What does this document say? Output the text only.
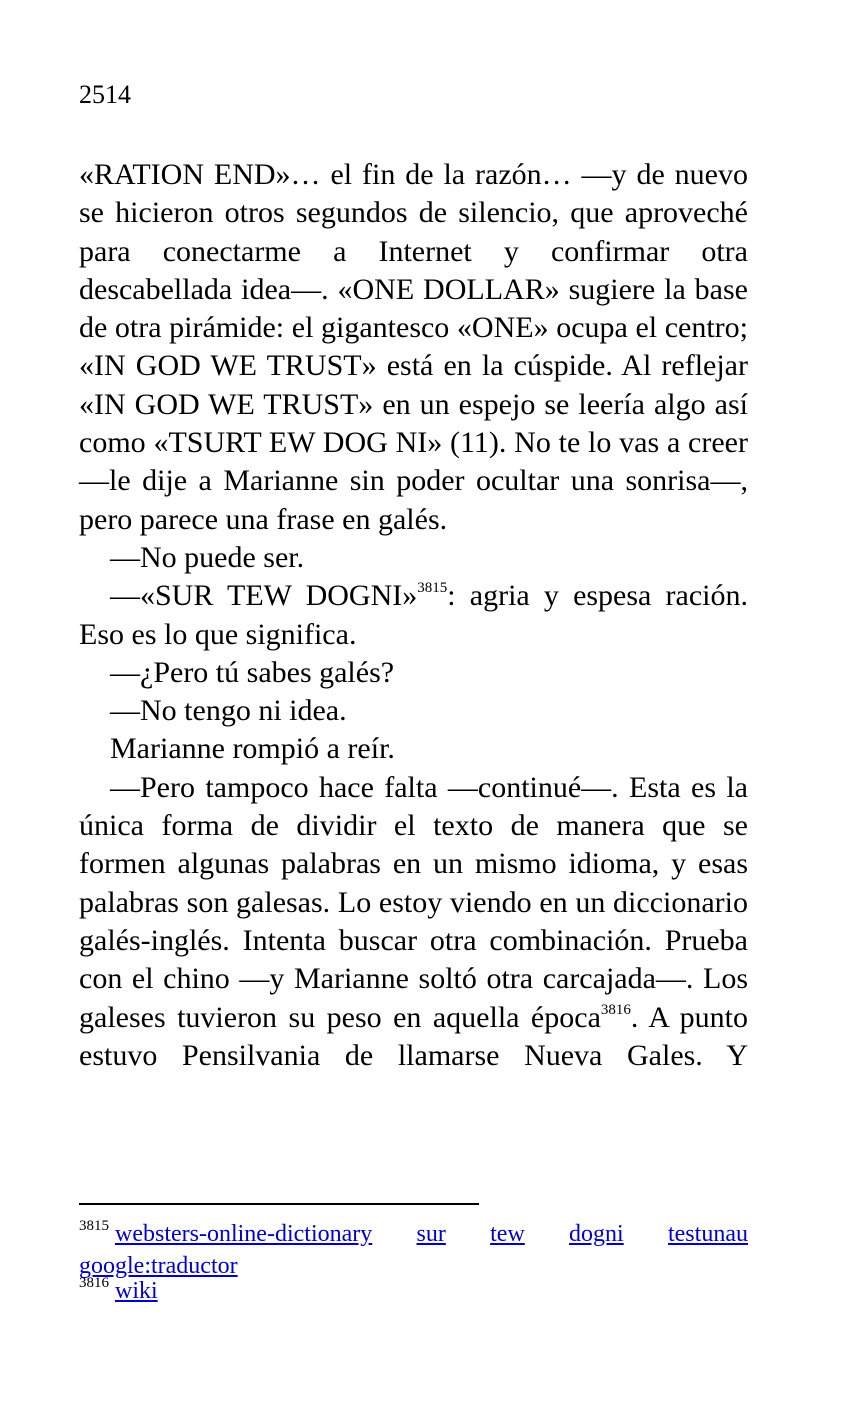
2514

«RATION END»… el fin de la razón… —y de nuevo se hicieron otros segundos de silencio, que aproveché para conectarme a Internet y confirmar otra descabellada idea—. «ONE DOLLAR» sugiere la base de otra pirámide: el gigantesco «ONE» ocupa el centro; «IN GOD WE TRUST» está en la cúspide. Al reflejar «IN GOD WE TRUST» en un espejo se leería algo así como «TSURT EW DOG NI» (11). No te lo vas a creer —le dije a Marianne sin poder ocultar una sonrisa—, pero parece una frase en galés.

—No puede ser.

—«SUR TEW DOGNI»$^{3815}$: agria y espesa ración. Eso es lo que significa.

—¿Pero tú sabes galés?

—No tengo ni idea.

Marianne rompió a reír.

—Pero tampoco hace falta —continué—. Esta es la única forma de dividir el texto de manera que se formen algunas palabras en un mismo idioma, y esas palabras son galesas. Lo estoy viendo en un diccionario galés-inglés. Intenta buscar otra combinación. Prueba con el chino —y Marianne soltó otra carcajada—. Los galeses tuvieron su peso en aquella época$^{3816}$. A punto estuvo Pensilvania de llamarse Nueva Gales. Y

$^{3815}$ websters-online-dictionary sur tew dogni testunau
google:traductor
3816 wiki
